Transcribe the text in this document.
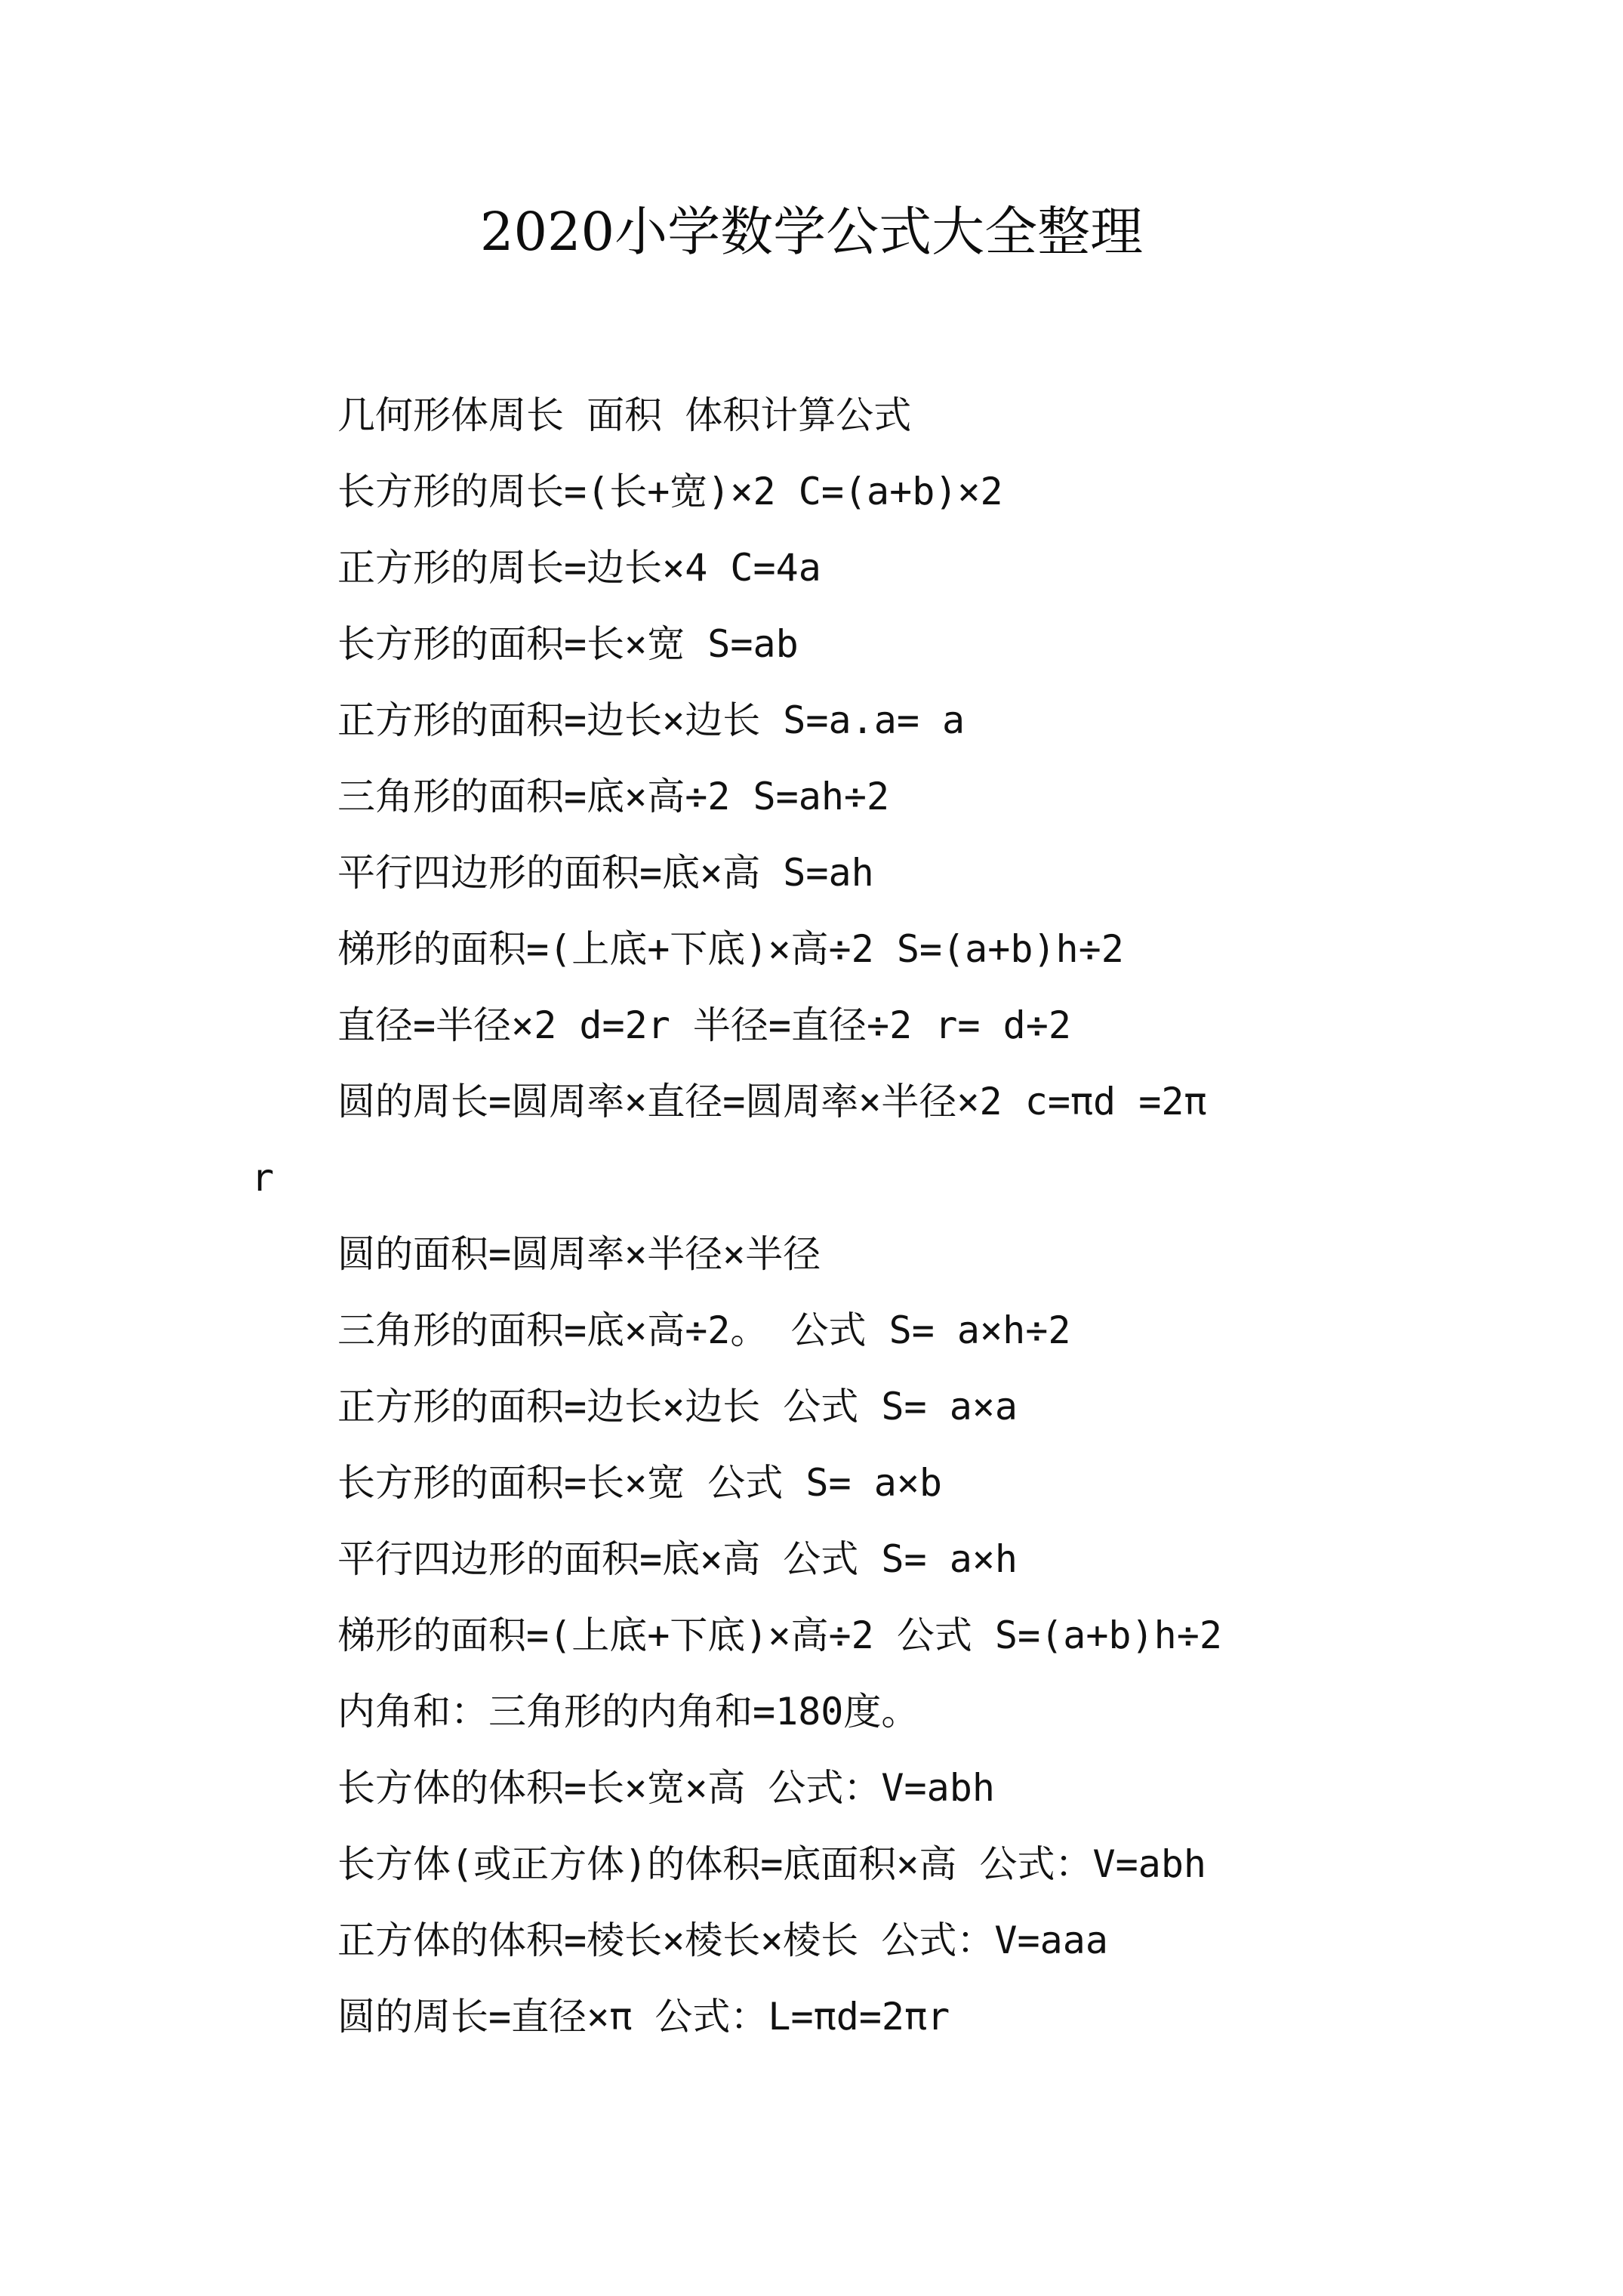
2020小学数学公式大全整理
几何形体周长 面积 体积计算公式
长方形的周长=(长+宽)×2 C=(a+b)×2
正方形的周长=边长×4 C=4a
长方形的面积=长×宽 S=ab
正方形的面积=边长×边长 S=a.a= a
三角形的面积=底×高÷2 S=ah÷2
平行四边形的面积=底×高 S=ah
梯形的面积=(上底+下底)×高÷2 S=(a+b)h÷2
直径=半径×2 d=2r 半径=直径÷2 r= d÷2
圆的周长=圆周率×直径=圆周率×半径×2 c=πd =2π
r
圆的面积=圆周率×半径×半径
三角形的面积=底×高÷2。 公式 S= a×h÷2
正方形的面积=边长×边长 公式 S= a×a
长方形的面积=长×宽 公式 S= a×b
平行四边形的面积=底×高 公式 S= a×h
梯形的面积=(上底+下底)×高÷2 公式 S=(a+b)h÷2
内角和：三角形的内角和=180度。
长方体的体积=长×宽×高 公式：V=abh
长方体(或正方体)的体积=底面积×高 公式：V=abh
正方体的体积=棱长×棱长×棱长 公式：V=aaa
圆的周长=直径×π 公式：L=πd=2πr
